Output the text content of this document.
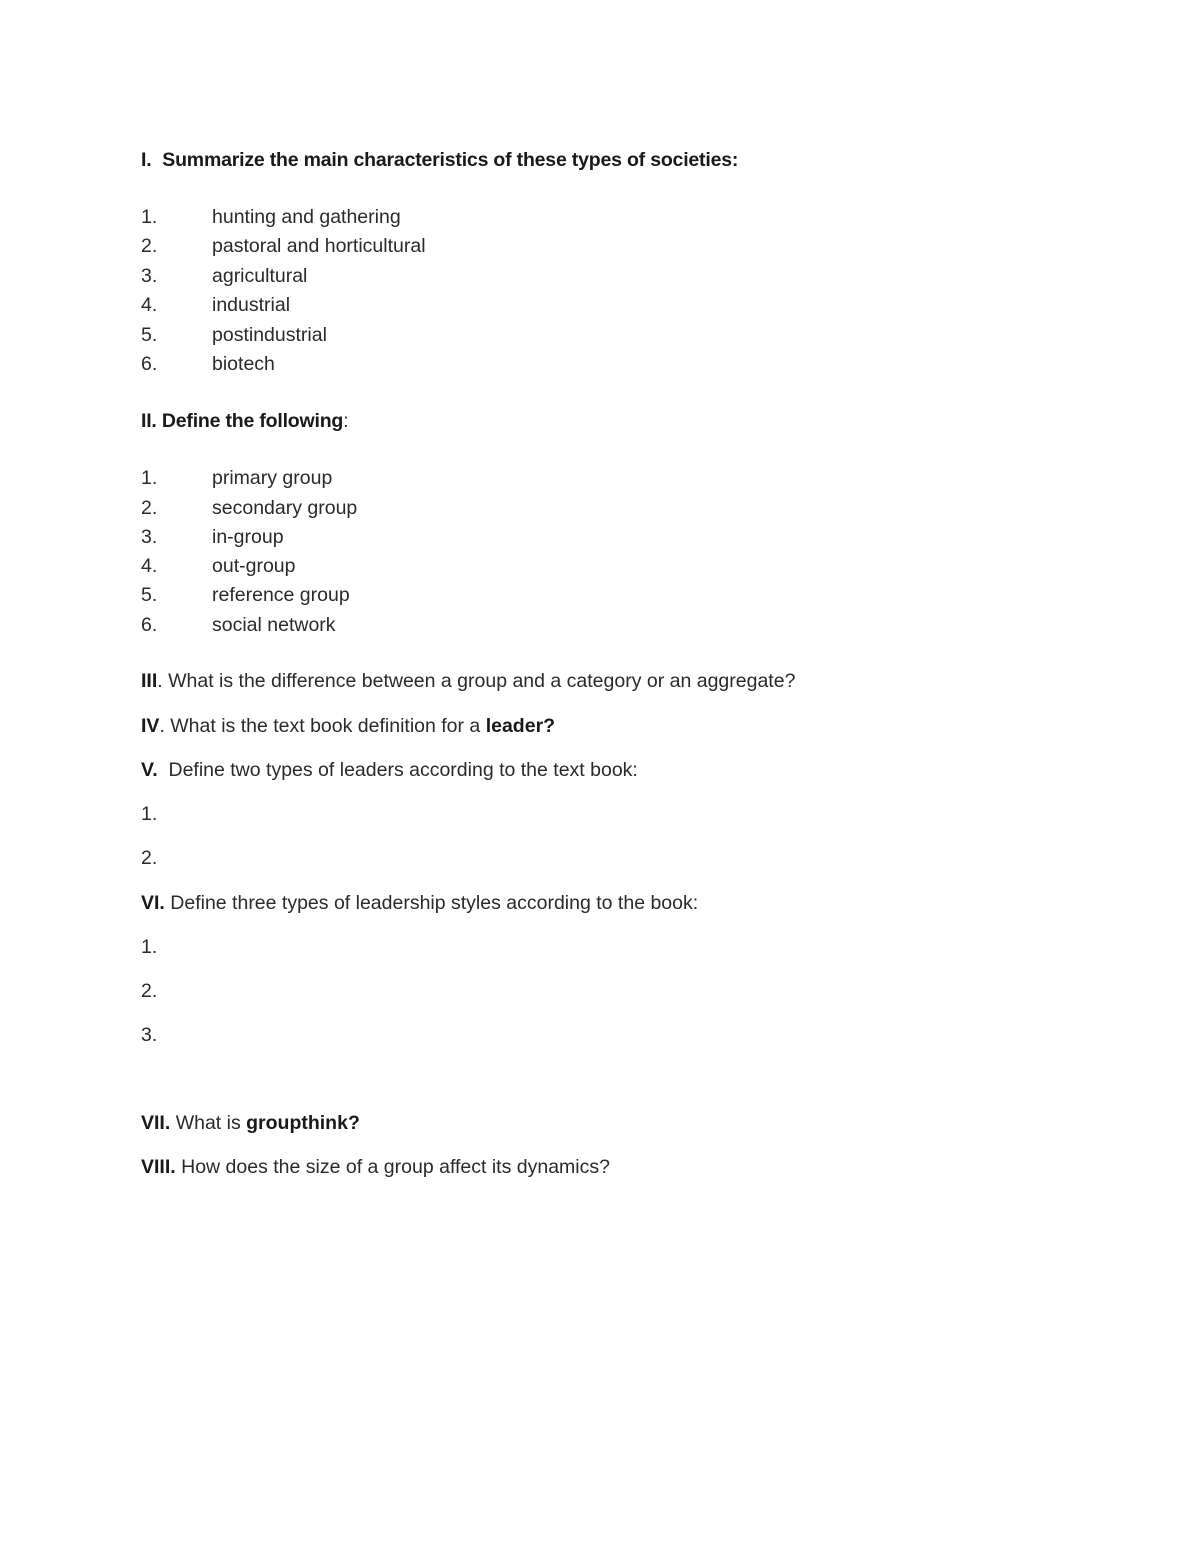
I. Summarize the main characteristics of these types of societies:
1.	hunting and gathering
2.	pastoral and horticultural
3.	agricultural
4.	industrial
5.	postindustrial
6.	biotech
II. Define the following:
1.	primary group
2.	secondary group
3.	in-group
4.	out-group
5.	reference group
6.	social network
III. What is the difference between a group and a category or an aggregate?
IV. What is the text book definition for a leader?
V. Define two types of leaders according to the text book:
1.
2.
VI. Define three types of leadership styles according to the book:
1.
2.
3.
VII. What is groupthink?
VIII. How does the size of a group affect its dynamics?
